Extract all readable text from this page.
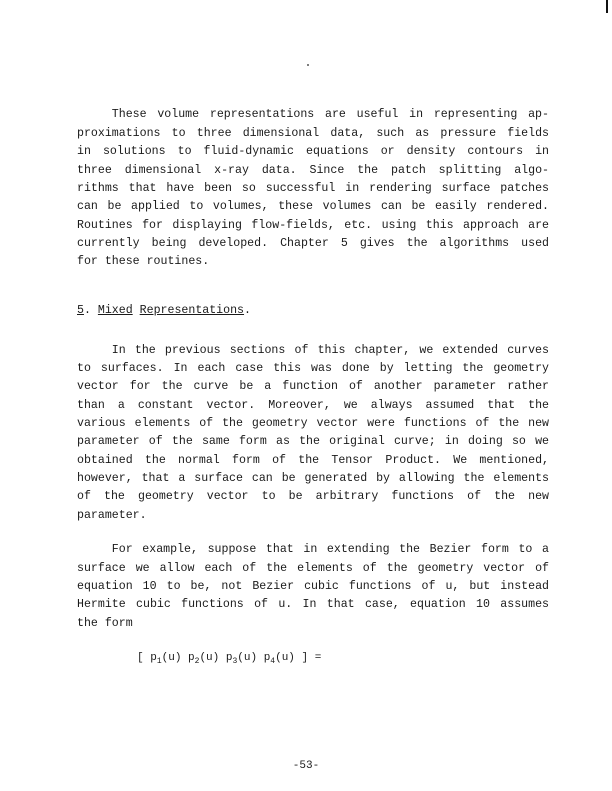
These volume representations are useful in representing ap-
proximations to three dimensional data, such as pressure fields
in solutions to fluid-dynamic equations or density contours in
three dimensional x-ray data. Since the patch splitting algo-
rithms that have been so successful in rendering surface patches
can be applied to volumes, these volumes can be easily rendered.
Routines for displaying flow-fields, etc. using this approach are
currently being developed. Chapter 5 gives the algorithms used
for these routines.
5. Mixed Representations.
In the previous sections of this chapter, we extended curves
to surfaces. In each case this was done by letting the geometry
vector for the curve be a function of another parameter rather
than a constant vector. Moreover, we always assumed that the
various elements of the geometry vector were functions of the new
parameter of the same form as the original curve; in doing so we
obtained the normal form of the Tensor Product. We mentioned,
however, that a surface can be generated by allowing the elements
of the geometry vector to be arbitrary functions of the new
parameter.
For example, suppose that in extending the Bezier form to a
surface we allow each of the elements of the geometry vector of
equation 10 to be, not Bezier cubic functions of u, but instead
Hermite cubic functions of u. In that case, equation 10 assumes
the form
[ $p_1(u)$ $p_2(u)$ $p_3(u)$ $p_4(u)$ ] =
-53-
